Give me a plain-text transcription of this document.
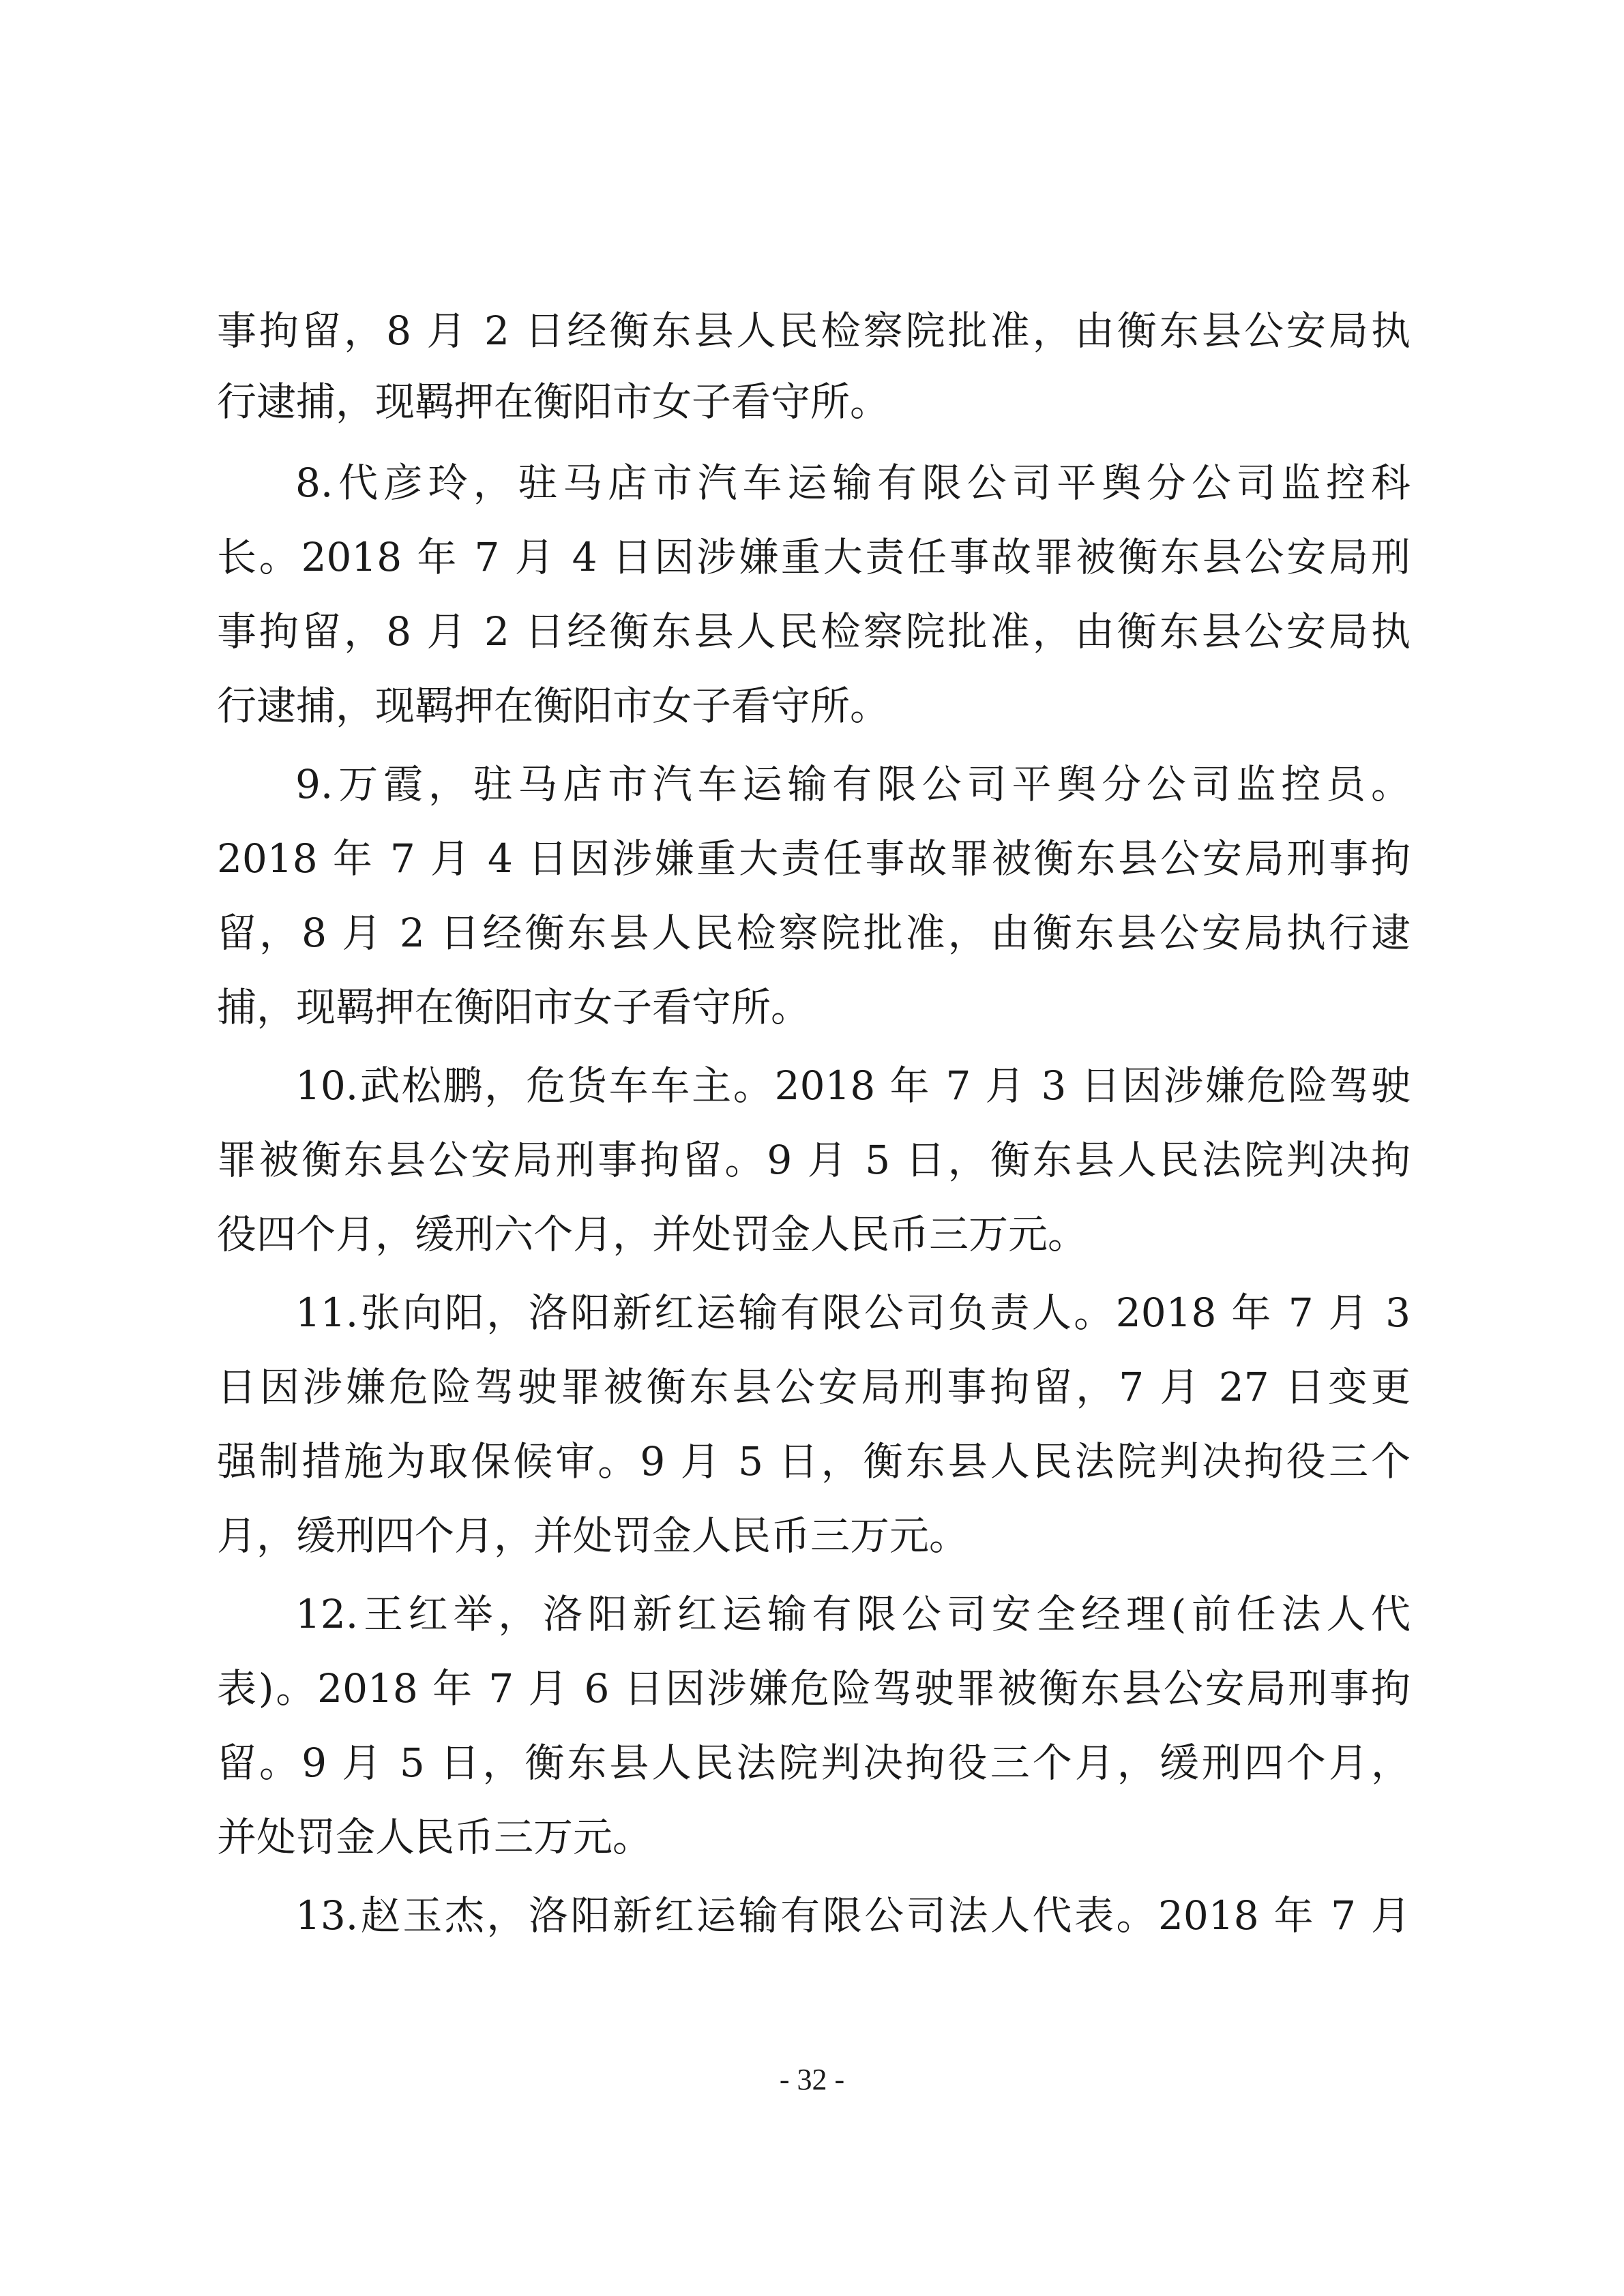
事拘留，8 月 2 日经衡东县人民检察院批准，由衡东县公安局执
行逮捕，现羁押在衡阳市女子看守所。
8.代彦玲，驻马店市汽车运输有限公司平舆分公司监控科
长。2018 年 7 月 4 日因涉嫌重大责任事故罪被衡东县公安局刑
事拘留，8 月 2 日经衡东县人民检察院批准，由衡东县公安局执
行逮捕，现羁押在衡阳市女子看守所。
9.万霞，驻马店市汽车运输有限公司平舆分公司监控员。
2018 年 7 月 4 日因涉嫌重大责任事故罪被衡东县公安局刑事拘
留，8 月 2 日经衡东县人民检察院批准，由衡东县公安局执行逮
捕，现羁押在衡阳市女子看守所。
10.武松鹏，危货车车主。2018 年 7 月 3 日因涉嫌危险驾驶
罪被衡东县公安局刑事拘留。9 月 5 日，衡东县人民法院判决拘
役四个月，缓刑六个月，并处罚金人民币三万元。
11.张向阳，洛阳新红运输有限公司负责人。2018 年 7 月 3
日因涉嫌危险驾驶罪被衡东县公安局刑事拘留，7 月 27 日变更
强制措施为取保候审。9 月 5 日，衡东县人民法院判决拘役三个
月，缓刑四个月，并处罚金人民币三万元。
12.王红举，洛阳新红运输有限公司安全经理(前任法人代
表)。2018 年 7 月 6 日因涉嫌危险驾驶罪被衡东县公安局刑事拘
留。9 月 5 日，衡东县人民法院判决拘役三个月，缓刑四个月，
并处罚金人民币三万元。
13.赵玉杰，洛阳新红运输有限公司法人代表。2018 年 7 月
- 32 -
